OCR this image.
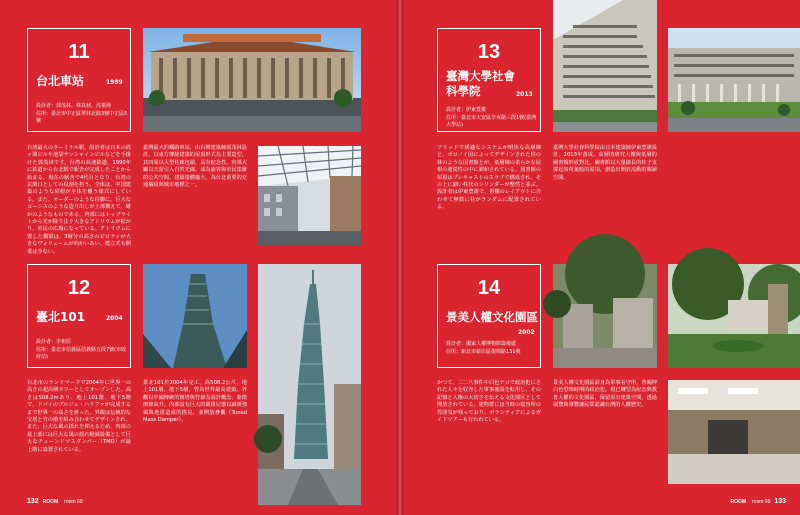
11
台北車站	1989
設計者：郭茂林、蔡其昶、沈祖海
住所：臺北市中正區華林北路3號中正區5號
台湾最大のターミナル駅。設計者は日本の霞ヶ関ビルや池袋サンシャインビルなどを手掛けた郭茂林です。台湾の高速鉄道、1990年に鉄道から台北駅で駅舎が完成したことから始まる。現在の駅舎で4代目となり、台湾の玄関口としての役割を担う。全体は、中国建築のような屋根が全体を覆う様式にしている。また、オーダーのような柱脚に、巨大なコーニスのような造り出しが上部構えて、厳かのようなものである。内部にはトップライトから光が降り注ぐ大きなアトリウムが拡がり、市民の広場になっている。アトリウムに置した橋梁は、3層分の高さのピロティが大きなヴォリュームが向かいあい、建立式も開業は少ない。
臺灣最大的鐵路車站，由台灣建築師郭茂林設計。以東方傳統建築的屋頂形式為主要造型，其四周以大型柱廊包圍，具有紀念性。內部大廳以天窗引入自然光線，成為旅客與市民集聚的公共空間。建築量體龐大，為台北重要的交通樞紐與城市地標之一。
12
臺北101	2004
設計者：李祖原
住所：臺北市信義區信義路五段7號(市政府站)
台北市のランドマークで2004年に世界一の高さの超高層タワーとしてオープンした。高さは508.2mあり、地上101階、地下5階で、ドバイのブルジュ・ハリファが完成するまで世界一の高さを誇った。外観は伝統的な宝塔と竹の節を組み合わせてデザインされ、また、巨大な風の揺れを抑えるため、内部の最上部には巨大な風の揺れ軽減設備として巨大なチューンドマスダンパー（TMD）が最上階に設置されている。
臺北101於2004年完工，高508.2公尺，地上101層、地下5層，曾為世界最高建築。外觀以中國傳統的寶塔與竹節為設計概念，象徵節節高升。內部設有巨大的風阻尼器以減緩強風與地震造成的搖晃，並開放參觀（Tuned Mass Damper）。
132 ROOM room 09
13
臺灣大學社會科學院	2013
設計者：伊東豊雄
住所：臺北市大安區辛亥路三段1號(臺灣大學站)
ソリッドで緩適なシステムが明快な高層棟と、ボロノイ図によってデザインされた柱の林のような図書館とが、低層棟の柔らかな屋根の連続性の中に調和されている。図書館の屋根はプレキャストのスラブで構成され、その上に細い柱状のシリンダーが整然と並ぶ。設計者は伊東豊雄で、書棚のレイアウトに合わせて無数に柱がランダムに配置されている。
臺灣大學社會科學院由日本建築師伊東豊雄設計，2013年落成。高層的研究大樓與低層的圖書館形成對比，圖書館以大量細長的柱子支撐起如荷葉般的屋頂，創造出開放流動的閱讀空間。
14
景美人權文化園區
2002
設計者：國家人權博物館籌備處
住所：新北市新店區復興路131號
かつて、二二八事件や白色テロで政治犯にされた人々を収容した軍事施設を転用し、その記憶と人権の大切さを伝える文化園区として開放されている。建物群には当時の収容所の雰囲気が残っており、ボランティアによるガイドツアーも行われている。
景美人權文化園區前身為軍事看守所，曾關押白色恐怖時期的政治犯。現已轉型為紀念與教育人權的文化園區，保留原有建築空間，透過展覽與導覽讓民眾認識台灣的人權歷史。
ROOM room 09 133
